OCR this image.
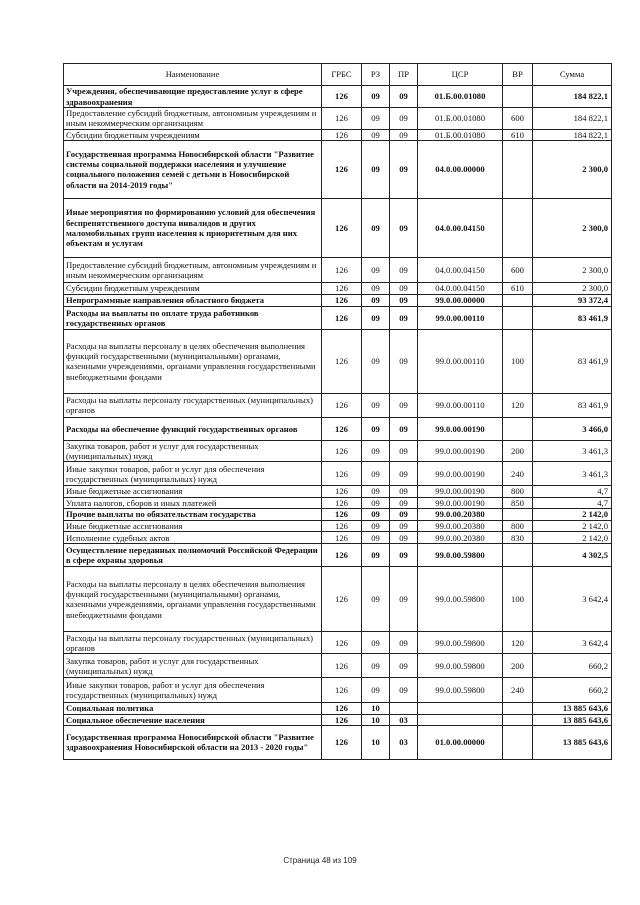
Наименование	ГРБС	РЗ	ПР	ЦСР	ВР	Сумма
Учреждения, обеспечивающие предоставление услуг в сфере здравоохранения	126	09	09	01.Б.00.01080		184 822,1
Предоставление субсидий бюджетным, автономным учреждениям и иным некоммерческим организациям	126	09	09	01.Б.00.01080	600	184 822,1
Субсидии бюджетным учреждениям	126	09	09	01.Б.00.01080	610	184 822,1
Государственная программа Новосибирской области "Развитие системы социальной поддержки населения и улучшение социального положения семей с детьми в Новосибирской области на 2014-2019 годы"	126	09	09	04.0.00.00000		2 300,0
Иные мероприятия по формированию условий для обеспечения беспрепятственного доступа инвалидов и других маломобильных групп населения к приоритетным для них объектам и услугам	126	09	09	04.0.00.04150		2 300,0
Предоставление субсидий бюджетным, автономным учреждениям и иным некоммерческим организациям	126	09	09	04.0.00.04150	600	2 300,0
Субсидии бюджетным учреждениям	126	09	09	04.0.00.04150	610	2 300,0
Непрограммные направления областного бюджета	126	09	09	99.0.00.00000		93 372,4
Расходы на выплаты по оплате труда работников государственных органов	126	09	09	99.0.00.00110		83 461,9
Расходы на выплаты персоналу в целях обеспечения выполнения функций государственными (муниципальными) органами, казенными учреждениями, органами управления государственными внебюджетными фондами	126	09	09	99.0.00.00110	100	83 461,9
Расходы на выплаты персоналу государственных (муниципальных) органов	126	09	09	99.0.00.00110	120	83 461,9
Расходы на обеспечение функций государственных органов	126	09	09	99.0.00.00190		3 466,0
Закупка товаров, работ и услуг для государственных (муниципальных) нужд	126	09	09	99.0.00.00190	200	3 461,3
Иные закупки товаров, работ и услуг для обеспечения государственных (муниципальных) нужд	126	09	09	99.0.00.00190	240	3 461,3
Иные бюджетные ассигнования	126	09	09	99.0.00.00190	800	4,7
Уплата налогов, сборов и иных платежей	126	09	09	99.0.00.00190	850	4,7
Прочие выплаты по обязательствам государства	126	09	09	99.0.00.20380		2 142,0
Иные бюджетные ассигнования	126	09	09	99.0.00.20380	800	2 142,0
Исполнение судебных актов	126	09	09	99.0.00.20380	830	2 142,0
Осуществление переданных полномочий Российской Федерации в сфере охраны здоровья	126	09	09	99.0.00.59800		4 302,5
Расходы на выплаты персоналу в целях обеспечения выполнения функций государственными (муниципальными) органами, казенными учреждениями, органами управления государственными внебюджетными фондами	126	09	09	99.0.00.59800	100	3 642,4
Расходы на выплаты персоналу государственных (муниципальных) органов	126	09	09	99.0.00.59800	120	3 642,4
Закупка товаров, работ и услуг для государственных (муниципальных) нужд	126	09	09	99.0.00.59800	200	660,2
Иные закупки товаров, работ и услуг для обеспечения государственных (муниципальных) нужд	126	09	09	99.0.00.59800	240	660,2
Социальная политика	126	10				13 885 643,6
Социальное обеспечение населения	126	10	03			13 885 643,6
Государственная программа Новосибирской области "Развитие здравоохранения Новосибирской области на 2013 - 2020 годы"	126	10	03	01.0.00.00000		13 885 643,6
Страница 48 из 109
